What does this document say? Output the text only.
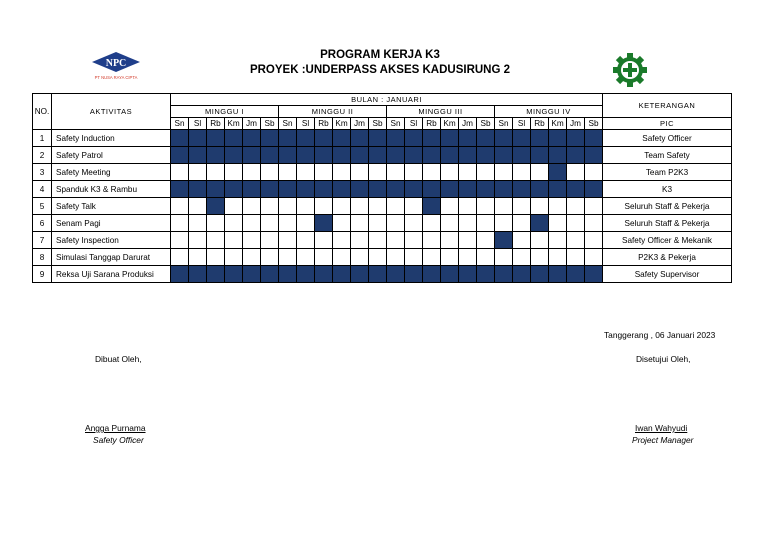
NPC
PT NUSA RAYA CIPTA
PROGRAM KERJA K3
PROYEK :UNDERPASS AKSES KADUSIRUNG 2
NO.	AKTIVITAS	BULAN : JANUARI																								KETERANGAN
		MINGGU I						MINGGU II						MINGGU III						MINGGU IV						
		Sn	Sl	Rb	Km	Jm	Sb	Sn	Sl	Rb	Km	Jm	Sb	Sn	Sl	Rb	Km	Jm	Sb	Sn	Sl	Rb	Km	Jm	Sb	PIC
1	Safety Induction																									Safety Officer
2	Safety Patrol																									Team Safety
3	Safety Meeting																									Team P2K3
4	Spanduk K3 & Rambu																									K3
5	Safety Talk																									Seluruh Staff & Pekerja
6	Senam Pagi																									Seluruh Staff & Pekerja
7	Safety Inspection																									Safety Officer & Mekanik
8	Simulasi Tanggap Darurat																									P2K3 & Pekerja
9	Reksa Uji Sarana Produksi																									Safety Supervisor
Tanggerang , 06 Januari 2023
Dibuat Oleh,	Disetujui Oleh,
Angga Purnama
Safety Officer
Iwan Wahyudi
Project Manager
